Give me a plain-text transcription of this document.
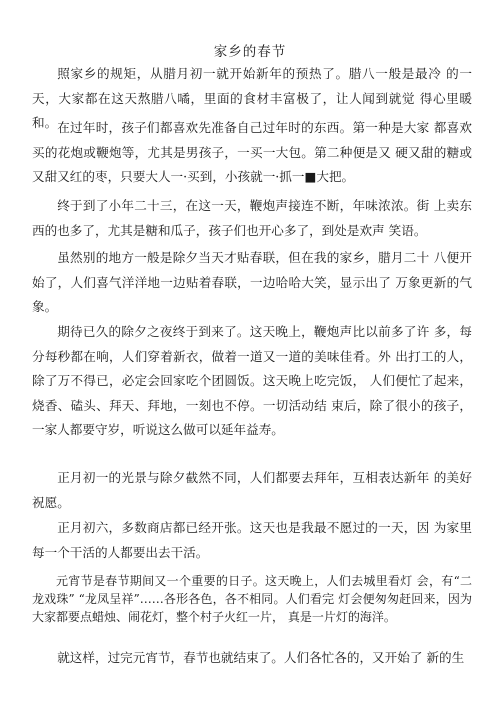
家乡的春节

照家乡的规矩，从腊月初一就开始新年的预热了。腊八一般是最冷 的一天，大家都在这天熬腊八噊，里面的食材丰富极了，让人闻到就觉 得心里暖和。 在过年时，孩子们都喜欢先准备自己过年时的东西。第一种是大家 都喜欢买的花炮或鞭炮等，尤其是男孩子，一买一大包。第二种便是又 硬又甜的糖或又甜又红的枣，只要大人一·买到，小孩就一·抓一■大把。

终于到了小年二十三，在这一天，鞭炮声接连不断，年味浓浓。街 上卖东西的也多了，尤其是糖和瓜子，孩子们也开心多了，到处是欢声 笑语。

虽然别的地方一般是除夕当天才贴春联，但在我的家乡，腊月二十 八便开始了，人们喜气洋洋地一边贴着春联，一边哈哈大笑，显示出了 万象更新的气象。

期待已久的除夕之夜终于到来了。这天晚上，鞭炮声比以前多了许 多，每分每秒都在响，人们穿着新衣，做着一道又一道的美味佳肴。外 出打工的人，除了万不得已，必定会回家吃个团圆饭。这天晚上吃完饭， 人们便忙了起来，烧香、磕头、拜天、拜地，一刻也不停。一切活动结 束后，除了很小的孩子，一家人都要守岁，听说这么做可以延年益寿。

正月初一的光景与除夕截然不同，人们都要去拜年，互相表达新年 的美好祝愿。

正月初六，多数商店都已经开张。这天也是我最不愿过的一天，因 为家里每一个干活的人都要出去干活。

元宵节是春节期间又一个重要的日子。这天晚上，人们去城里看灯 会，有“二龙戏珠” “龙凤呈祥”……各形各色，各不相同。人们看完 灯会便匆匆赶回来，因为大家都要点蜡烛、闹花灯，整个村子火红一片， 真是一片灯的海洋。

就这样，过完元宵节，春节也就结束了。人们各忙各的，又开始了 新的生
